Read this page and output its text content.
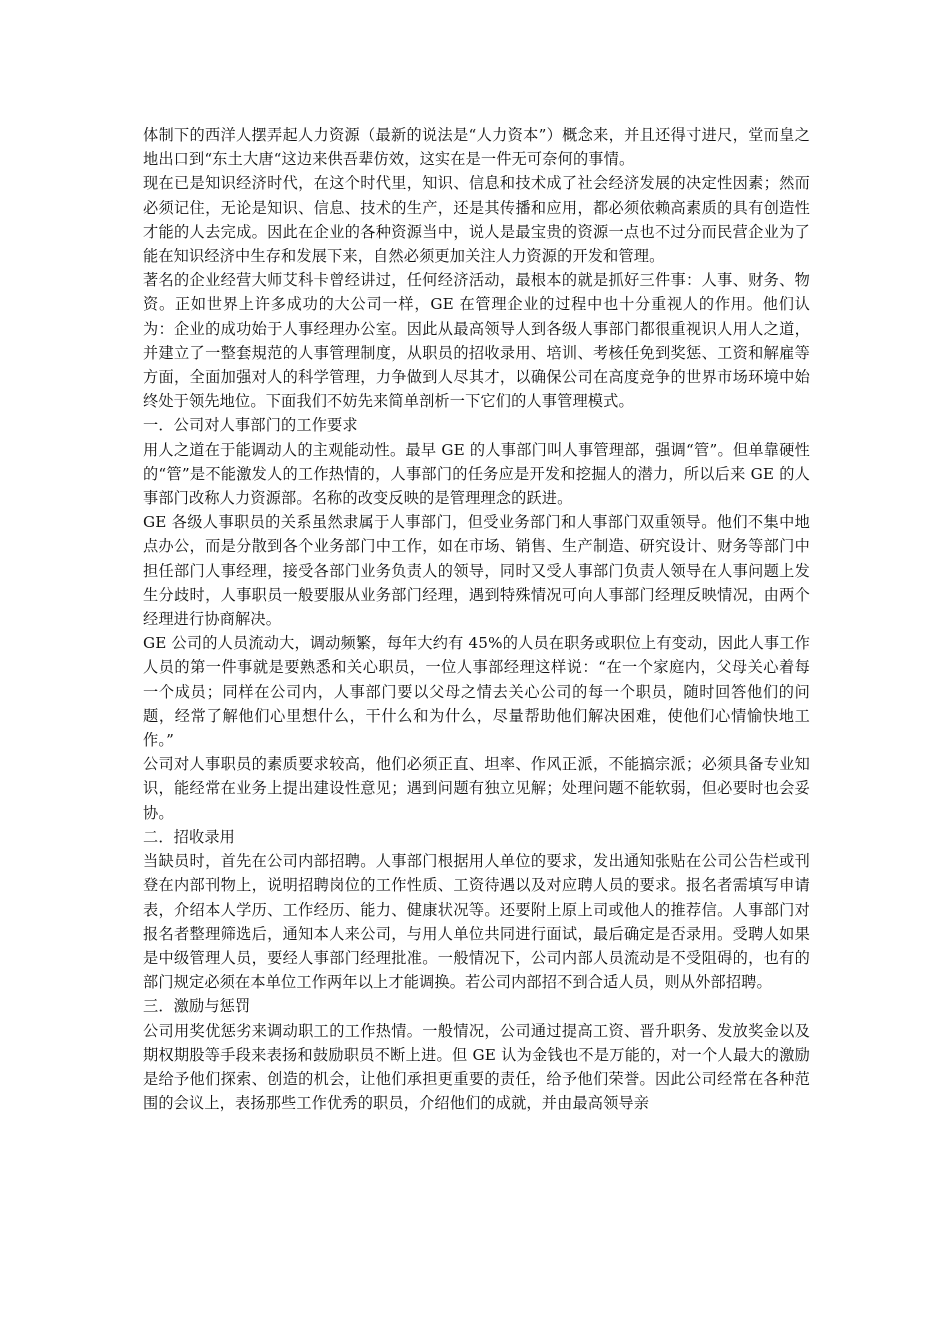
体制下的西洋人摆弄起人力资源（最新的说法是“人力资本”）概念来，并且还得寸进尺，堂而皇之地出口到“东土大唐“这边来供吾辈仿效，这实在是一件无可奈何的事情。

现在已是知识经济时代，在这个时代里，知识、信息和技术成了社会经济发展的决定性因素；然而必须记住，无论是知识、信息、技术的生产，还是其传播和应用，都必须依赖高素质的具有创造性才能的人去完成。因此在企业的各种资源当中，说人是最宝贵的资源一点也不过分而民营企业为了能在知识经济中生存和发展下来，自然必须更加关注人力资源的开发和管理。

著名的企业经营大师艾科卡曾经讲过，任何经济活动，最根本的就是抓好三件事：人事、财务、物资。正如世界上许多成功的大公司一样，GE 在管理企业的过程中也十分重视人的作用。他们认为：企业的成功始于人事经理办公室。因此从最高领导人到各级人事部门都很重视识人用人之道，并建立了一整套規范的人事管理制度，从职员的招收录用、培训、考核任免到奖惩、工资和解雇等方面，全面加强对人的科学管理，力争做到人尽其才，以确保公司在高度竞争的世界市场环境中始终处于领先地位。下面我们不妨先来简单剖析一下它们的人事管理模式。

一．公司对人事部门的工作要求

用人之道在于能调动人的主观能动性。最早 GE 的人事部门叫人事管理部，强调“管”。但单靠硬性的“管”是不能激发人的工作热情的，人事部门的任务应是开发和挖掘人的潜力，所以后来 GE 的人事部门改称人力资源部。名称的改变反映的是管理理念的跃进。

GE 各级人事职员的关系虽然隶属于人事部门，但受业务部门和人事部门双重领导。他们不集中地点办公，而是分散到各个业务部门中工作，如在市场、销售、生产制造、研究设计、财务等部门中担任部门人事经理，接受各部门业务负责人的领导，同时又受人事部门负责人领导在人事问题上发生分歧时，人事职员一般要服从业务部门经理，遇到特殊情况可向人事部门经理反映情况，由两个经理进行协商解决。

GE 公司的人员流动大，调动频繁，每年大约有 45%的人员在职务或职位上有变动，因此人事工作人员的第一件事就是要熟悉和关心职员，一位人事部经理这样说：“在一个家庭内，父母关心着每一个成员；同样在公司内，人事部门要以父母之情去关心公司的每一个职员，随时回答他们的问题，经常了解他们心里想什么，干什么和为什么，尽量帮助他们解决困难，使他们心情愉快地工作。”

公司对人事职员的素质要求较高，他们必须正直、坦率、作风正派，不能搞宗派；必须具备专业知识，能经常在业务上提出建设性意见；遇到问题有独立见解；处理问题不能软弱，但必要时也会妥协。

二．招收录用

当缺员时，首先在公司内部招聘。人事部门根据用人单位的要求，发出通知张贴在公司公告栏或刊登在内部刊物上，说明招聘岗位的工作性质、工资待遇以及对应聘人员的要求。报名者需填写申请表，介绍本人学历、工作经历、能力、健康状况等。还要附上原上司或他人的推荐信。人事部门对报名者整理筛选后，通知本人来公司，与用人单位共同进行面试，最后确定是否录用。受聘人如果是中级管理人员，要经人事部门经理批准。一般情况下，公司内部人员流动是不受阻碍的，也有的部门规定必须在本单位工作两年以上才能调换。若公司内部招不到合适人员，则从外部招聘。

三．激励与惩罚

公司用奖优惩劣来调动职工的工作热情。一般情况，公司通过提高工资、晋升职务、发放奖金以及期权期股等手段来表扬和鼓励职员不断上进。但 GE 认为金钱也不是万能的，对一个人最大的激励是给予他们探索、创造的机会，让他们承担更重要的责任，给予他们荣誉。因此公司经常在各种范围的会议上，表扬那些工作优秀的职员，介绍他们的成就，并由最高领导亲
